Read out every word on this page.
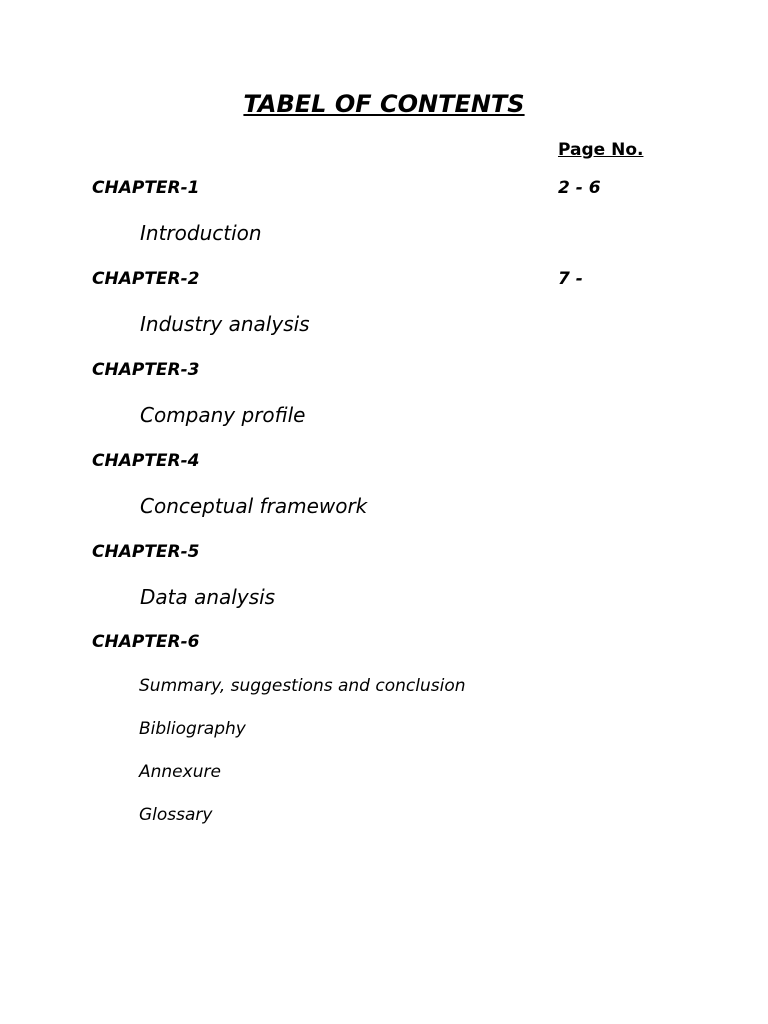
TABEL OF CONTENTS
Page No.
CHAPTER-1	2 - 6
Introduction
CHAPTER-2	7 -
Industry analysis
CHAPTER-3
Company profile
CHAPTER-4
Conceptual framework
CHAPTER-5
Data analysis
CHAPTER-6
Summary, suggestions and conclusion
Bibliography
Annexure
Glossary
